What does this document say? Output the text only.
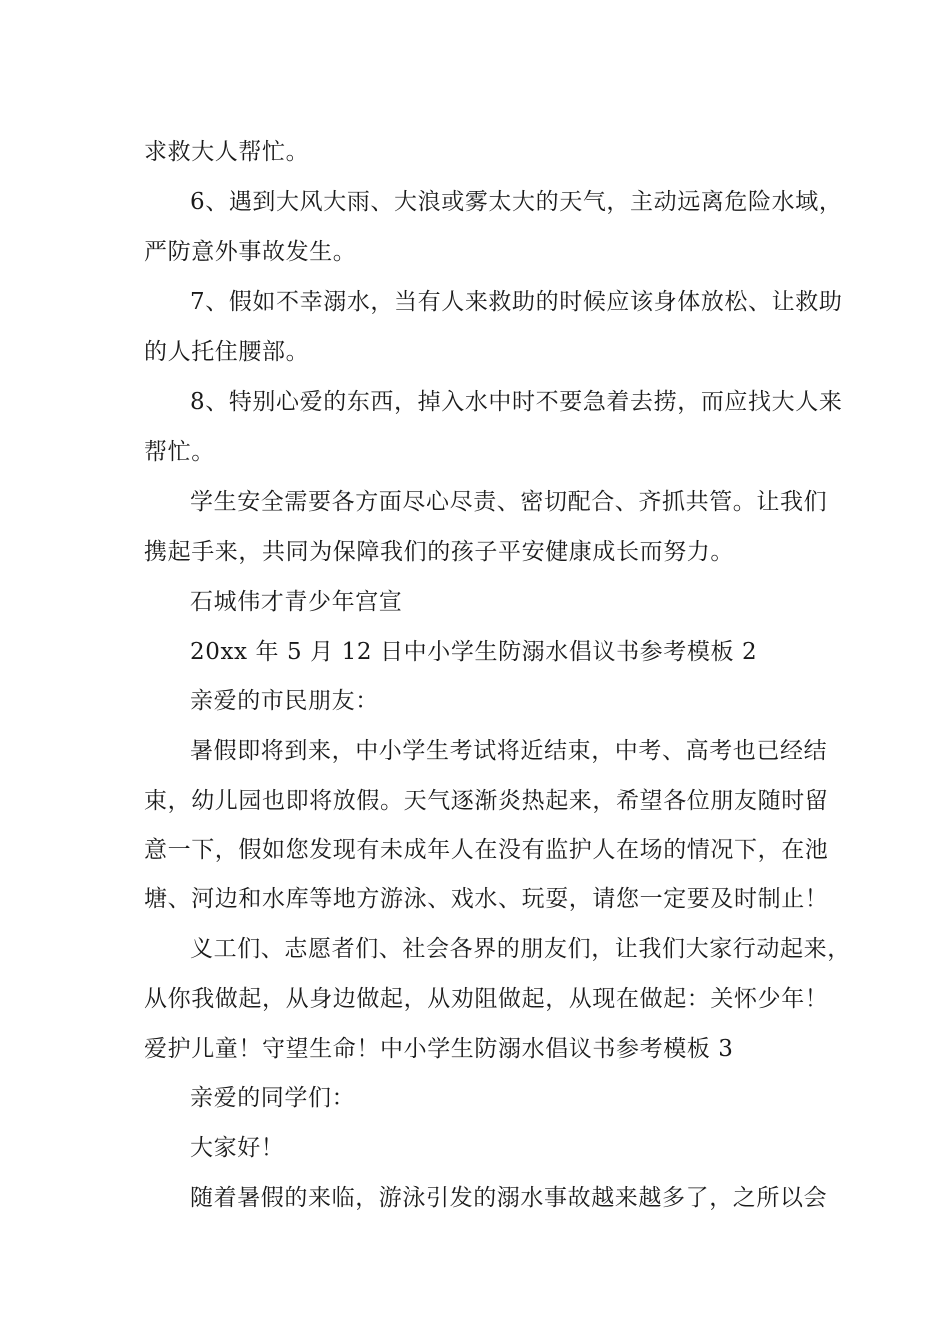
求救大人帮忙。
6、遇到大风大雨、大浪或雾太大的天气，主动远离危险水域，
严防意外事故发生。
7、假如不幸溺水，当有人来救助的时候应该身体放松、让救助
的人托住腰部。
8、特别心爱的东西，掉入水中时不要急着去捞，而应找大人来
帮忙。
学生安全需要各方面尽心尽责、密切配合、齐抓共管。让我们
携起手来，共同为保障我们的孩子平安健康成长而努力。
石城伟才青少年宫宣
20xx 年 5 月 12 日中小学生防溺水倡议书参考模板 2
亲爱的市民朋友：
暑假即将到来，中小学生考试将近结束，中考、高考也已经结
束，幼儿园也即将放假。天气逐渐炎热起来，希望各位朋友随时留
意一下，假如您发现有未成年人在没有监护人在场的情况下，在池
塘、河边和水库等地方游泳、戏水、玩耍，请您一定要及时制止！
义工们、志愿者们、社会各界的朋友们，让我们大家行动起来，
从你我做起，从身边做起，从劝阻做起，从现在做起：关怀少年！
爱护儿童！守望生命！中小学生防溺水倡议书参考模板 3
亲爱的同学们：
大家好！
随着暑假的来临，游泳引发的溺水事故越来越多了，之所以会
